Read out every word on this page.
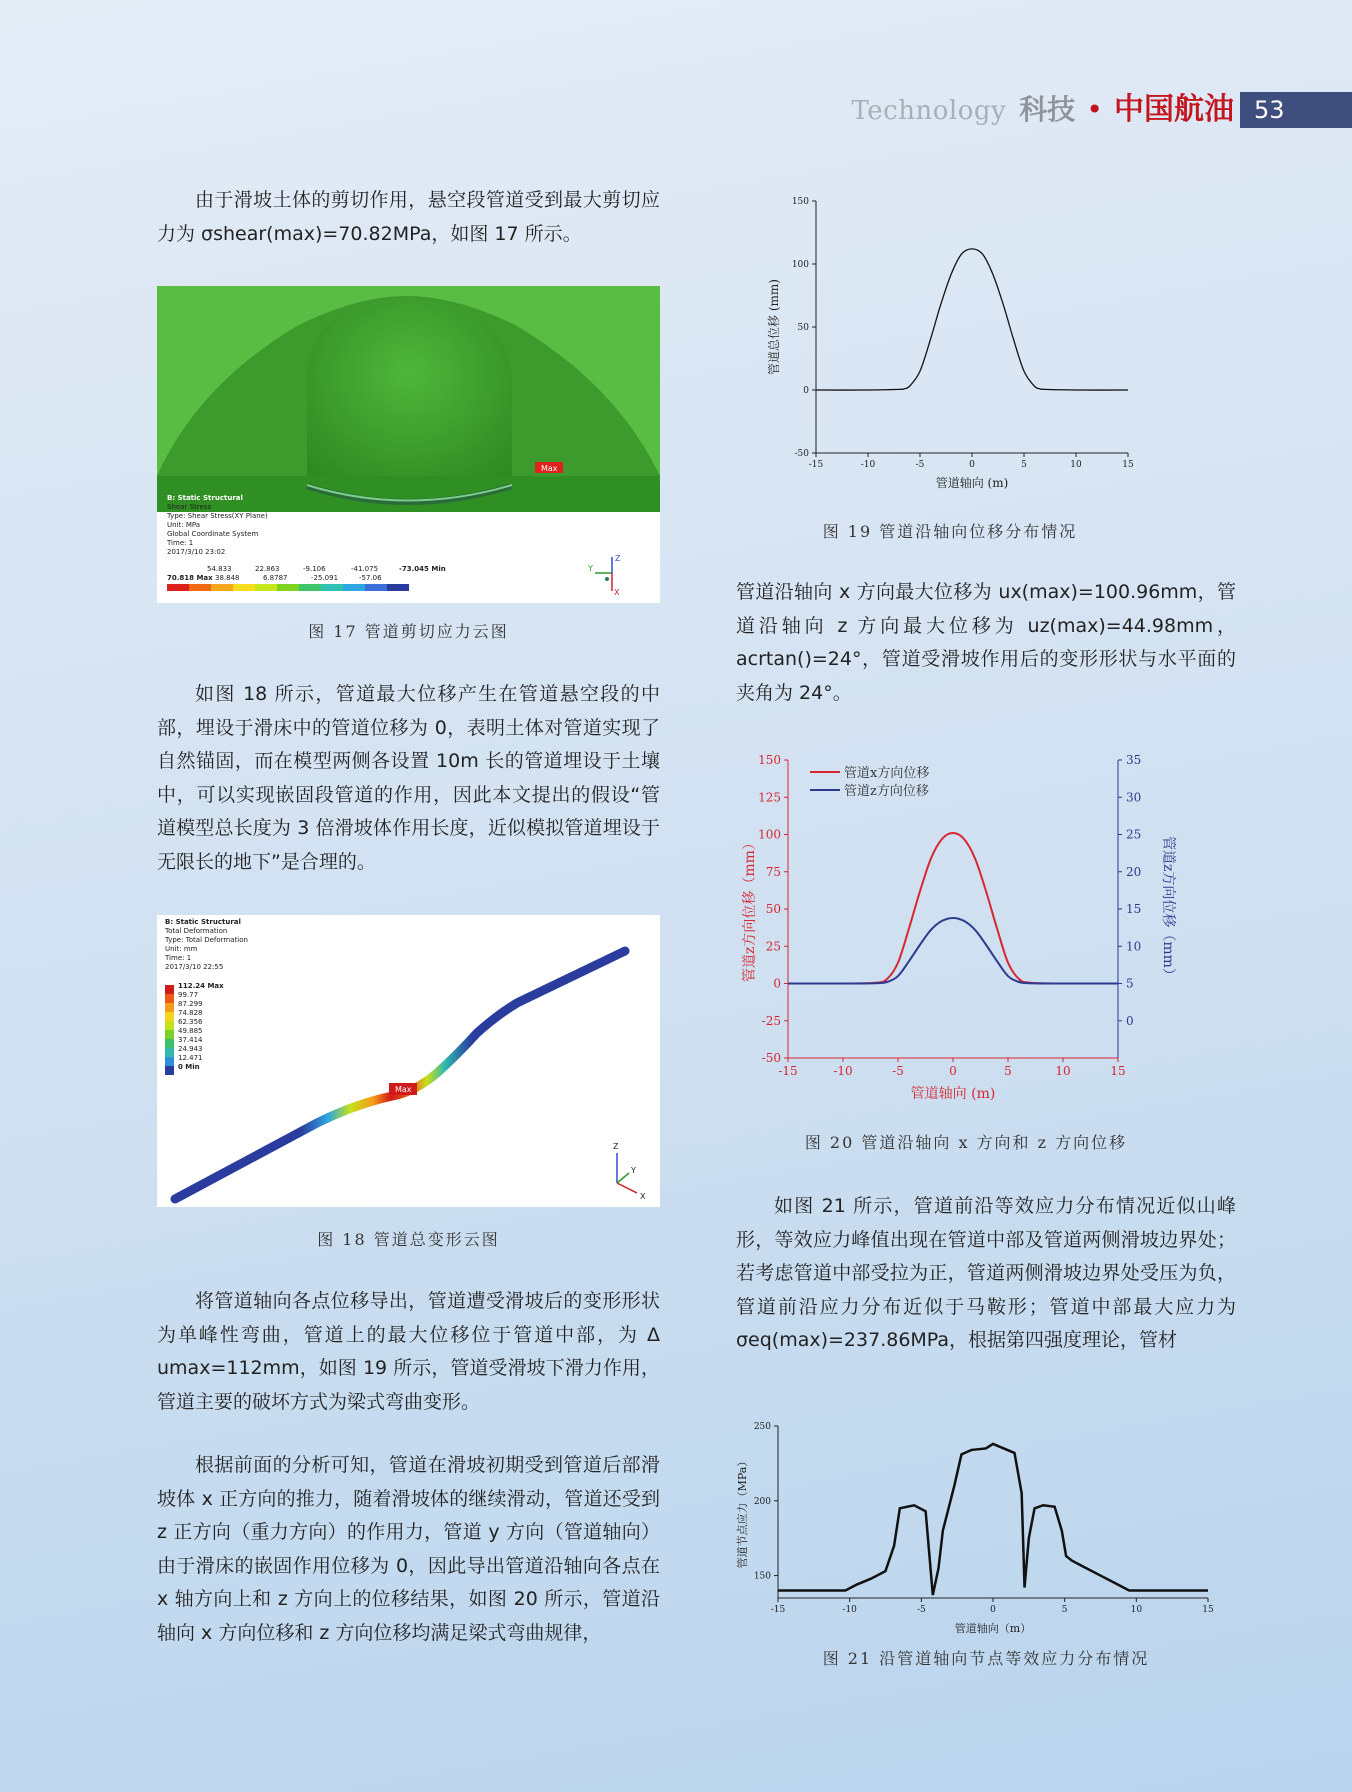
Technology 科技 • 中国航油 53

由于滑坡土体的剪切作用，悬空段管道受到最大剪切应力为 σshear(max)=70.82MPa，如图 17 所示。

Max
B: Static Structural
Shear Stress
Type: Shear Stress(XY Plane)
Unit: MPa
Global Coordinate System
Time: 1
2017/3/10 23:02
54.833	22.863	-9.106	-41.075	-73.045 Min
70.818 Max 38.848	6.8787	-25.091	-57.06
Y
Z
X
图 17 管道剪切应力云图

如图 18 所示，管道最大位移产生在管道悬空段的中部，埋设于滑床中的管道位移为 0，表明土体对管道实现了自然锚固，而在模型两侧各设置 10m 长的管道埋设于土壤中，可以实现嵌固段管道的作用，因此本文提出的假设“管道模型总长度为 3 倍滑坡体作用长度，近似模拟管道埋设于无限长的地下”是合理的。

Max
Z
Y
X
B: Static Structural
Total Deformation
Type: Total Deformation
Unit: mm
Time: 1
2017/3/10 22:55
112.24 Max
99.77
87.299
74.828
62.356
49.885
37.414
24.943
12.471
0 Min
图 18 管道总变形云图

将管道轴向各点位移导出，管道遭受滑坡后的变形形状为单峰性弯曲，管道上的最大位移位于管道中部，为 Δ umax=112mm，如图 19 所示，管道受滑坡下滑力作用，管道主要的破坏方式为梁式弯曲变形。

根据前面的分析可知，管道在滑坡初期受到管道后部滑坡体 x 正方向的推力，随着滑坡体的继续滑动，管道还受到 z 正方向（重力方向）的作用力，管道 y 方向（管道轴向）由于滑床的嵌固作用位移为 0，因此导出管道沿轴向各点在 x 轴方向上和 z 方向上的位移结果，如图 20 所示，管道沿轴向 x 方向位移和 z 方向位移均满足梁式弯曲规律，

-15	-10	-5	0	5	10	15
-50
0
50
100
150
管道轴向 (m)
管道总位移 (mm)
图 19 管道沿轴向位移分布情况

管道沿轴向 x 方向最大位移为 ux(max)=100.96mm，管道沿轴向 z 方向最大位移为 uz(max)=44.98mm，acrtan()=24°，管道受滑坡作用后的变形形状与水平面的夹角为 24°。

-15	-10	-5	0	5	10	15
-50
-25
0
25
50
75
100
125
150
0
5
10
15
20
25
30
35
管道轴向 (m)
管道z方向位移（mm）	管道z方向位移（mm）
管道x方向位移
管道z方向位移
图 20 管道沿轴向 x 方向和 z 方向位移

如图 21 所示，管道前沿等效应力分布情况近似山峰形，等效应力峰值出现在管道中部及管道两侧滑坡边界处；若考虑管道中部受拉为正，管道两侧滑坡边界处受压为负，管道前沿应力分布近似于马鞍形；管道中部最大应力为 σeq(max)=237.86MPa，根据第四强度理论，管材

-15	-10	-5	0	5	10	15
150
200
250
管道轴向（m）
管道节点应力（MPa）
图 21 沿管道轴向节点等效应力分布情况
